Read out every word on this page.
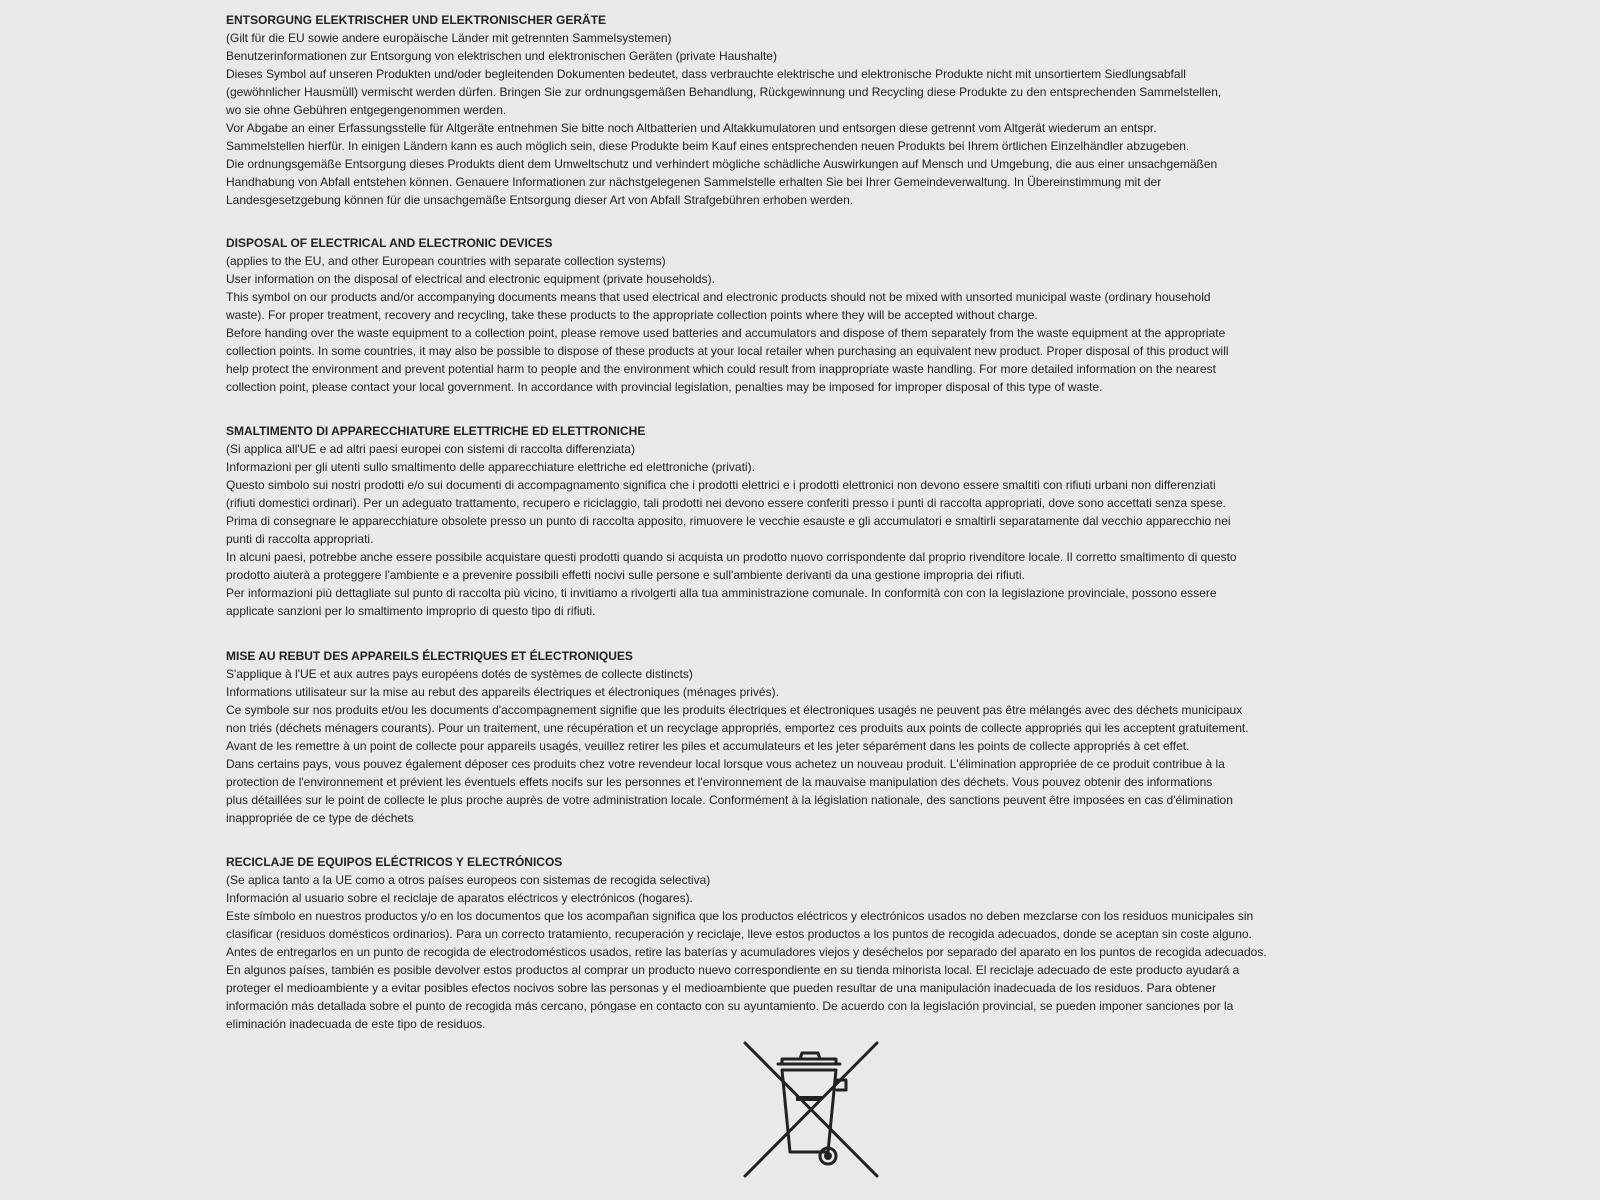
ENTSORGUNG ELEKTRISCHER UND ELEKTRONISCHER GERÄTE
(Gilt für die EU sowie andere europäische Länder mit getrennten Sammelsystemen)
Benutzerinformationen zur Entsorgung von elektrischen und elektronischen Geräten (private Haushalte)
Dieses Symbol auf unseren Produkten und/oder begleitenden Dokumenten bedeutet, dass verbrauchte elektrische und elektronische Produkte nicht mit unsortiertem Siedlungsabfall
(gewöhnlicher Hausmüll) vermischt werden dürfen. Bringen Sie zur ordnungsgemäßen Behandlung, Rückgewinnung und Recycling diese Produkte zu den entsprechenden Sammelstellen,
wo sie ohne Gebühren entgegengenommen werden.
Vor Abgabe an einer Erfassungsstelle für Altgeräte entnehmen Sie bitte noch Altbatterien und Altakkumulatoren und entsorgen diese getrennt vom Altgerät wiederum an entspr.
Sammelstellen hierfür. In einigen Ländern kann es auch möglich sein, diese Produkte beim Kauf eines entsprechenden neuen Produkts bei Ihrem örtlichen Einzelhändler abzugeben.
Die ordnungsgemäße Entsorgung dieses Produkts dient dem Umweltschutz und verhindert mögliche schädliche Auswirkungen auf Mensch und Umgebung, die aus einer unsachgemäßen
Handhabung von Abfall entstehen können. Genauere Informationen zur nächstgelegenen Sammelstelle erhalten Sie bei Ihrer Gemeindeverwaltung. In Übereinstimmung mit der
Landesgesetzgebung können für die unsachgemäße Entsorgung dieser Art von Abfall Strafgebühren erhoben werden.
DISPOSAL OF ELECTRICAL AND ELECTRONIC DEVICES
(applies to the EU, and other European countries with separate collection systems)
User information on the disposal of electrical and electronic equipment (private households).
This symbol on our products and/or accompanying documents means that used electrical and electronic products should not be mixed with unsorted municipal waste (ordinary household
waste). For proper treatment, recovery and recycling, take these products to the appropriate collection points where they will be accepted without charge.
Before handing over the waste equipment to a collection point, please remove used batteries and accumulators and dispose of them separately from the waste equipment at the appropriate
collection points. In some countries, it may also be possible to dispose of these products at your local retailer when purchasing an equivalent new product. Proper disposal of this product will
help protect the environment and prevent potential harm to people and the environment which could result from inappropriate waste handling. For more detailed information on the nearest
collection point, please contact your local government. In accordance with provincial legislation, penalties may be imposed for improper disposal of this type of waste.
SMALTIMENTO DI APPARECCHIATURE ELETTRICHE ED ELETTRONICHE
(Si applica all'UE e ad altri paesi europei con sistemi di raccolta differenziata)
Informazioni per gli utenti sullo smaltimento delle apparecchiature elettriche ed elettroniche (privati).
Questo simbolo sui nostri prodotti e/o sui documenti di accompagnamento significa che i prodotti elettrici e i prodotti elettronici non devono essere smaltiti con rifiuti urbani non differenziati
(rifiuti domestici ordinari). Per un adeguato trattamento, recupero e riciclaggio, tali prodotti nei devono essere conferiti presso i punti di raccolta appropriati, dove sono accettati senza spese.
Prima di consegnare le apparecchiature obsolete presso un punto di raccolta apposito, rimuovere le vecchie esauste e gli accumulatori e smaltirli separatamente dal vecchio apparecchio nei
punti di raccolta appropriati.
In alcuni paesi, potrebbe anche essere possibile acquistare questi prodotti quando si acquista un prodotto nuovo corrispondente dal proprio rivenditore locale. Il corretto smaltimento di questo
prodotto aiuterà a proteggere l'ambiente e a prevenire possibili effetti nocivi sulle persone e sull'ambiente derivanti da una gestione impropria dei rifiuti.
Per informazioni più dettagliate sul punto di raccolta più vicino, ti invitiamo a rivolgerti alla tua amministrazione comunale. In conformità con con la legislazione provinciale, possono essere
applicate sanzioni per lo smaltimento improprio di questo tipo di rifiuti.
MISE AU REBUT DES APPAREILS ÉLECTRIQUES ET ÉLECTRONIQUES
S'applique à l'UE et aux autres pays européens dotés de systèmes de collecte distincts)
Informations utilisateur sur la mise au rebut des appareils électriques et électroniques (ménages privés).
Ce symbole sur nos produits et/ou les documents d'accompagnement signifie que les produits électriques et électroniques usagés ne peuvent pas être mélangés avec des déchets municipaux
non triés (déchets ménagers courants). Pour un traitement, une récupération et un recyclage appropriés, emportez ces produits aux points de collecte appropriés qui les acceptent gratuitement.
Avant de les remettre à un point de collecte pour appareils usagés, veuillez retirer les piles et accumulateurs et les jeter séparément dans les points de collecte appropriés à cet effet.
Dans certains pays, vous pouvez également déposer ces produits chez votre revendeur local lorsque vous achetez un nouveau produit. L'élimination appropriée de ce produit contribue à la
protection de l'environnement et prévient les éventuels effets nocifs sur les personnes et l'environnement de la mauvaise manipulation des déchets. Vous pouvez obtenir des informations
plus détaillées sur le point de collecte le plus proche auprès de votre administration locale. Conformément à la législation nationale, des sanctions peuvent être imposées en cas d'élimination
inappropriée de ce type de déchets
RECICLAJE DE EQUIPOS ELÉCTRICOS Y ELECTRÓNICOS
(Se aplica tanto a la UE como a otros países europeos con sistemas de recogida selectiva)
Información al usuario sobre el reciclaje de aparatos eléctricos y electrónicos (hogares).
Este símbolo en nuestros productos y/o en los documentos que los acompañan significa que los productos eléctricos y electrónicos usados no deben mezclarse con los residuos municipales sin
clasificar (residuos domésticos ordinarios). Para un correcto tratamiento, recuperación y reciclaje, lleve estos productos a los puntos de recogida adecuados, donde se aceptan sin coste alguno.
Antes de entregarlos en un punto de recogida de electrodomésticos usados, retire las baterías y acumuladores viejos y deséchelos por separado del aparato en los puntos de recogida adecuados.
En algunos países, también es posible devolver estos productos al comprar un producto nuevo correspondiente en su tienda minorista local. El reciclaje adecuado de este producto ayudará a
proteger el medioambiente y a evitar posibles efectos nocivos sobre las personas y el medioambiente que pueden resultar de una manipulación inadecuada de los residuos. Para obtener
información más detallada sobre el punto de recogida más cercano, póngase en contacto con su ayuntamiento. De acuerdo con la legislación provincial, se pueden imponer sanciones por la
eliminación inadecuada de este tipo de residuos.
